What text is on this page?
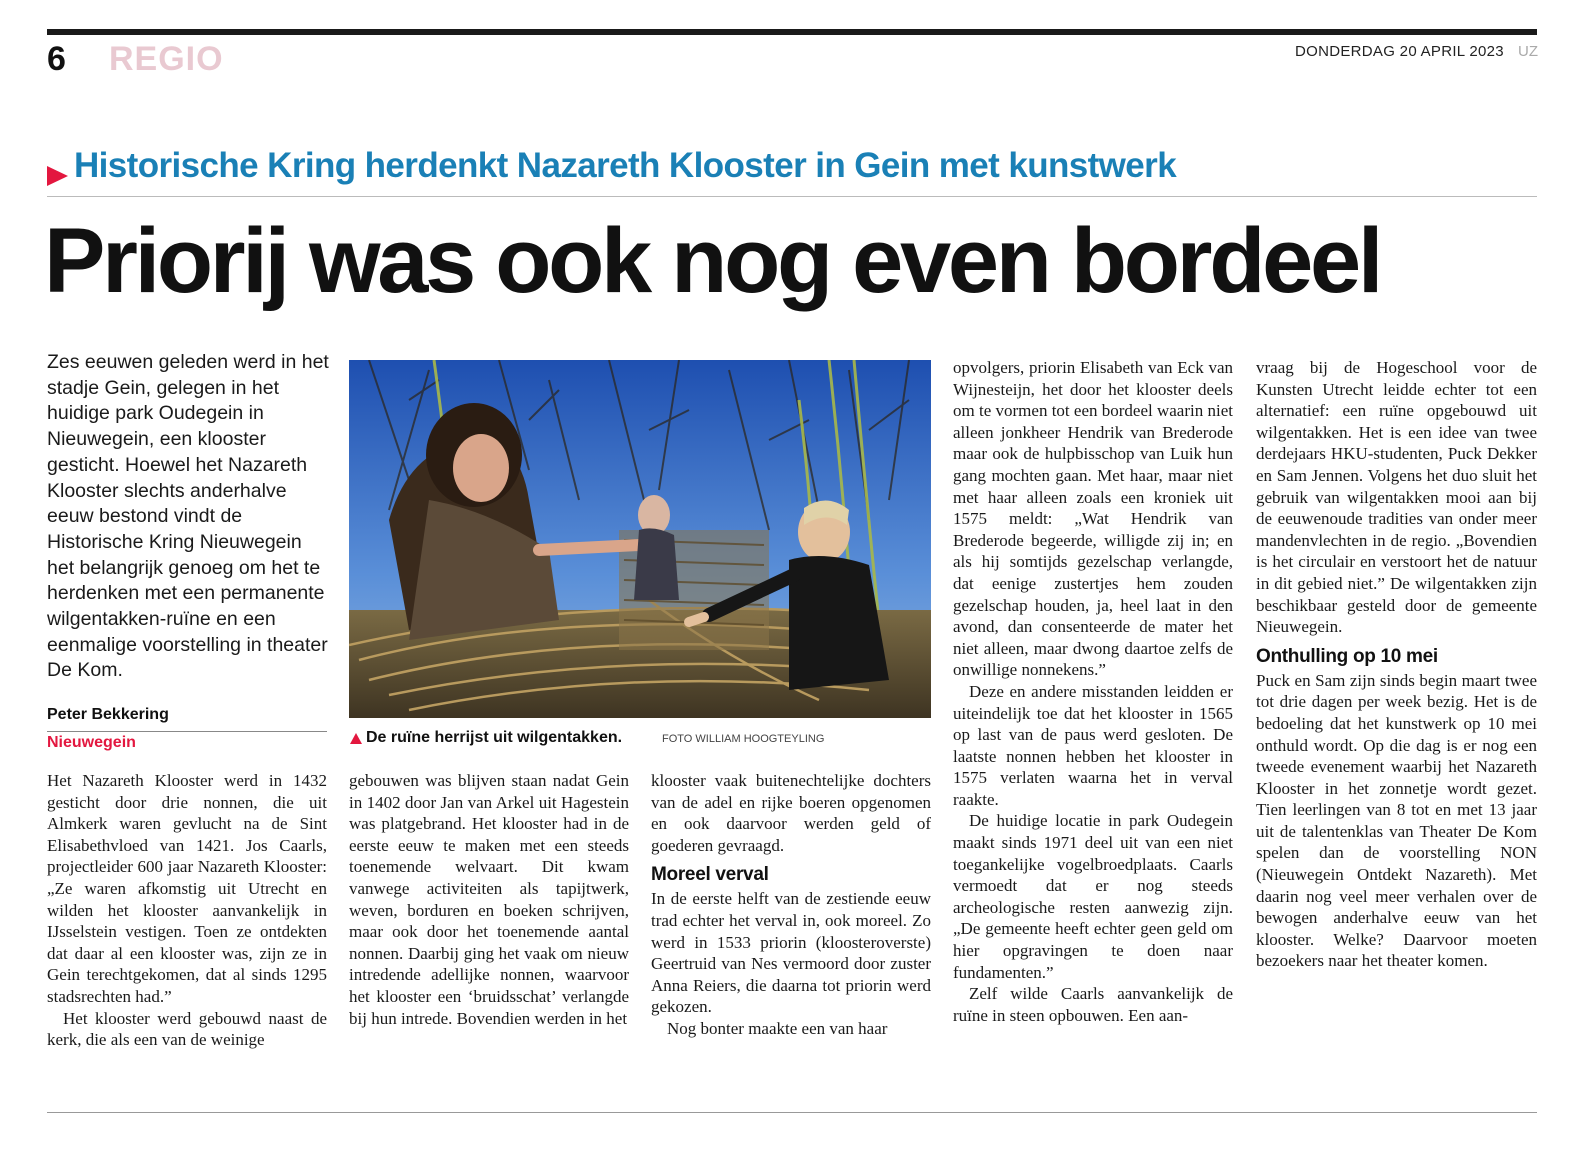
6 REGIO	DONDERDAG 20 APRIL 2023 UZ
Historische Kring herdenkt Nazareth Klooster in Gein met kunstwerk
Priorij was ook nog even bordeel
Zes eeuwen geleden werd in het stadje Gein, gelegen in het huidige park Oudegein in Nieuwegein, een klooster gesticht. Hoewel het Nazareth Klooster slechts anderhalve eeuw bestond vindt de Historische Kring Nieuwegein het belangrijk genoeg om het te herdenken met een permanente wilgentakken-ruïne en een eenmalige voorstelling in theater De Kom.
Peter Bekkering
Nieuwegein	De ruïne herrijst uit wilgentakken.	FOTO WILLIAM HOOGTEYLING

Het Nazareth Klooster werd in 1432 gesticht door drie nonnen, die uit Almkerk waren gevlucht na de Sint Elisabethvloed van 1421. Jos Caarls, projectleider 600 jaar Nazareth Klooster: „Ze waren afkomstig uit Utrecht en wilden het klooster aanvankelijk in IJsselstein vestigen. Toen ze ontdekten dat daar al een klooster was, zijn ze in Gein terechtgekomen, dat al sinds 1295 stadsrechten had.”

Het klooster werd gebouwd naast de kerk, die als een van de weinige

gebouwen was blijven staan nadat Gein in 1402 door Jan van Arkel uit Hagestein was platgebrand. Het klooster had in de eerste eeuw te maken met een steeds toenemende welvaart. Dit kwam vanwege activiteiten als tapijtwerk, weven, borduren en boeken schrijven, maar ook door het toenemende aantal nonnen. Daarbij ging het vaak om nieuw intredende adellijke nonnen, waarvoor het klooster een ‘bruidsschat’ verlangde bij hun intrede. Bovendien werden in het

klooster vaak buitenechtelijke dochters van de adel en rijke boeren opgenomen en ook daarvoor werden geld of goederen gevraagd.

Moreel verval

In de eerste helft van de zestiende eeuw trad echter het verval in, ook moreel. Zo werd in 1533 priorin (kloosteroverste) Geertruid van Nes vermoord door zuster Anna Reiers, die daarna tot priorin werd gekozen.

Nog bonter maakte een van haar

opvolgers, priorin Elisabeth van Eck van Wijnesteijn, het door het klooster deels om te vormen tot een bordeel waarin niet alleen jonkheer Hendrik van Brederode maar ook de hulpbisschop van Luik hun gang mochten gaan. Met haar, maar niet met haar alleen zoals een kroniek uit 1575 meldt: „Wat Hendrik van Brederode begeerde, willigde zij in; en als hij somtijds gezelschap verlangde, dat eenige zustertjes hem zouden gezelschap houden, ja, heel laat in den avond, dan consenteerde de mater het niet alleen, maar dwong daartoe zelfs de onwillige nonnekens.”

Deze en andere misstanden leidden er uiteindelijk toe dat het klooster in 1565 op last van de paus werd gesloten. De laatste nonnen hebben het klooster in 1575 verlaten waarna het in verval raakte.

De huidige locatie in park Oudegein maakt sinds 1971 deel uit van een niet toegankelijke vogelbroedplaats. Caarls vermoedt dat er nog steeds archeologische resten aanwezig zijn. „De gemeente heeft echter geen geld om hier opgravingen te doen naar fundamenten.”

Zelf wilde Caarls aanvankelijk de ruïne in steen opbouwen. Een aan-

vraag bij de Hogeschool voor de Kunsten Utrecht leidde echter tot een alternatief: een ruïne opgebouwd uit wilgentakken. Het is een idee van twee derdejaars HKU-studenten, Puck Dekker en Sam Jennen. Volgens het duo sluit het gebruik van wilgentakken mooi aan bij de eeuwenoude tradities van onder meer mandenvlechten in de regio. „Bovendien is het circulair en verstoort het de natuur in dit gebied niet.” De wilgentakken zijn beschikbaar gesteld door de gemeente Nieuwegein.

Onthulling op 10 mei

Puck en Sam zijn sinds begin maart twee tot drie dagen per week bezig. Het is de bedoeling dat het kunstwerk op 10 mei onthuld wordt. Op die dag is er nog een tweede evenement waarbij het Nazareth Klooster in het zonnetje wordt gezet. Tien leerlingen van 8 tot en met 13 jaar uit de talentenklas van Theater De Kom spelen dan de voorstelling NON (Nieuwegein Ontdekt Nazareth). Met daarin nog veel meer verhalen over de bewogen anderhalve eeuw van het klooster. Welke? Daarvoor moeten bezoekers naar het theater komen.
